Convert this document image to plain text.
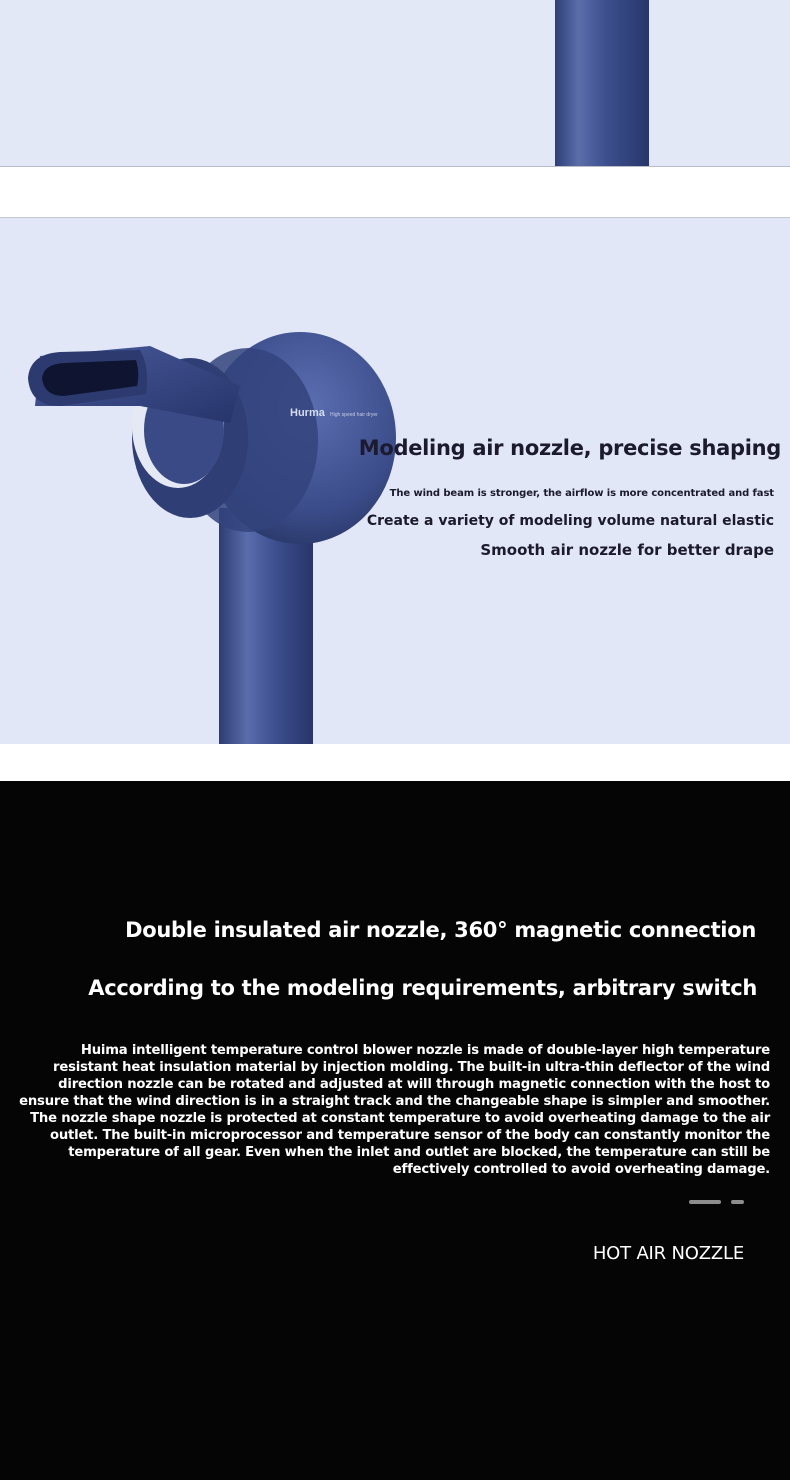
Hurma High speed hair dryer
Modeling air nozzle, precise shaping
The wind beam is stronger, the airflow is more concentrated and fast
Create a variety of modeling volume natural elastic
Smooth air nozzle for better drape
Double insulated air nozzle, 360° magnetic connection
According to the modeling requirements, arbitrary switch
Huima intelligent temperature control blower nozzle is made of double-layer high temperature resistant heat insulation material by injection molding. The built-in ultra-thin deflector of the wind direction nozzle can be rotated and adjusted at will through magnetic connection with the host to ensure that the wind direction is in a straight track and the changeable shape is simpler and smoother. The nozzle shape nozzle is protected at constant temperature to avoid overheating damage to the air outlet. The built-in microprocessor and temperature sensor of the body can constantly monitor the temperature of all gear. Even when the inlet and outlet are blocked, the temperature can still be effectively controlled to avoid overheating damage.
HOT AIR NOZZLE
